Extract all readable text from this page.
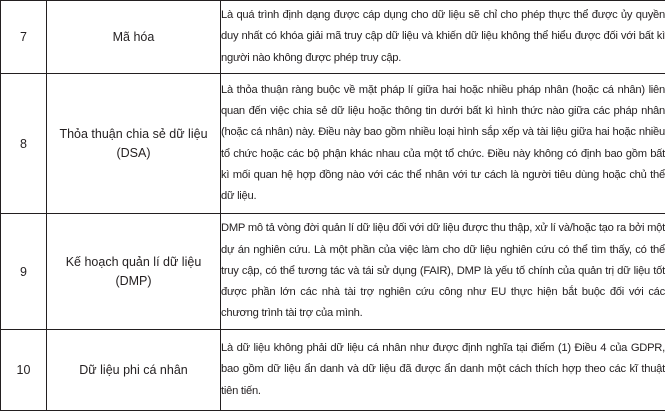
7	Mã hóa	Là quá trình định dạng được cáp dụng cho dữ liệu sẽ chỉ cho phép thực thể được ủy quyền duy nhất có khóa giải mã truy cập dữ liệu và khiến dữ liệu không thể hiểu được đối với bất kì người nào không được phép truy cập.

8	Thỏa thuận chia sẻ dữ liệu (DSA)	Là thỏa thuận ràng buộc về mặt pháp lí giữa hai hoặc nhiều pháp nhân (hoặc cá nhân) liên quan đến việc chia sẻ dữ liệu hoặc thông tin dưới bất kì hình thức nào giữa các pháp nhân (hoặc cá nhân) này. Điều này bao gồm nhiều loại hình sắp xếp và tài liệu giữa hai hoặc nhiều tổ chức hoặc các bộ phận khác nhau của một tổ chức. Điều này không có định bao gồm bất kì mối quan hệ hợp đồng nào với các thể nhân với tư cách là người tiêu dùng hoặc chủ thể dữ liệu.

9	Kế hoạch quản lí dữ liệu (DMP)	DMP mô tả vòng đời quản lí dữ liệu đối với dữ liệu được thu thập, xử lí và/hoặc tạo ra bởi một dự án nghiên cứu. Là một phần của việc làm cho dữ liệu nghiên cứu có thể tìm thấy, có thể truy cập, có thể tương tác và tái sử dụng (FAIR), DMP là yếu tố chính của quản trị dữ liệu tốt được phần lớn các nhà tài trợ nghiên cứu công như EU thực hiện bắt buộc đối với các chương trình tài trợ của mình.

10	Dữ liệu phi cá nhân	Là dữ liệu không phải dữ liệu cá nhân như được định nghĩa tại điểm (1) Điều 4 của GDPR, bao gồm dữ liệu ẩn danh và dữ liệu đã được ẩn danh một cách thích hợp theo các kĩ thuật tiên tiến.
